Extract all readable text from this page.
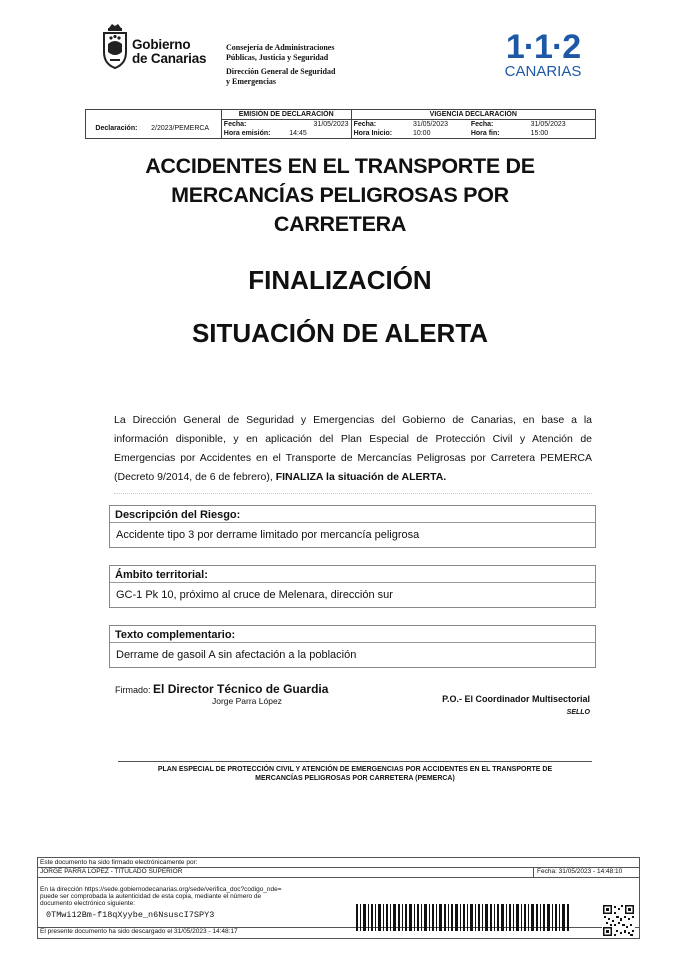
Gobierno
de Canarias
Consejería de Administraciones
Públicas, Justicia y Seguridad
Dirección General de Seguridad
y Emergencias
1·1·2
CANARIAS
		EMISIÓN DE DECLARACIÓN		VIGENCIA DECLARACIÓN			
Declaración:	2/2023/PEMERCA	Fecha:	31/05/2023	Fecha:	31/05/2023	Fecha:	31/05/2023
		Hora emisión:	14:45	Hora Inicio:	10:00	Hora fin:	15:00
ACCIDENTES EN EL TRANSPORTE DE
MERCANCÍAS PELIGROSAS POR
CARRETERA
FINALIZACIÓN
SITUACIÓN DE ALERTA
La Dirección General de Seguridad y Emergencias del Gobierno de Canarias, en base a la información disponible, y en aplicación del Plan Especial de Protección Civil y Atención de Emergencias por Accidentes en el Transporte de Mercancías Peligrosas por Carretera PEMERCA (Decreto 9/2014, de 6 de febrero), FINALIZA la situación de ALERTA.
Descripción del Riesgo:
Accidente tipo 3 por derrame limitado por mercancía peligrosa
Ámbito territorial:
GC-1 Pk 10, próximo al cruce de Melenara, dirección sur
Texto complementario:
Derrame de gasoil A sin afectación a la población
Firmado: El Director Técnico de Guardia
Jorge Parra López	P.O.- El Coordinador Multisectorial
SELLO
PLAN ESPECIAL DE PROTECCIÓN CIVIL Y ATENCIÓN DE EMERGENCIAS POR ACCIDENTES EN EL TRANSPORTE DE
MERCANCÍAS PELIGROSAS POR CARRETERA (PEMERCA)
Este documento ha sido firmado electrónicamente por:
JORGE PARRA LOPEZ - TITULADO SUPERIOR	Fecha: 31/05/2023 - 14:48:10
En la dirección https://sede.gobiernodecanarias.org/sede/verifica_doc?codigo_nde=
puede ser comprobada la autenticidad de esta copia, mediante el número de
documento electrónico siguiente:
0TMwi12Bm-f18qXyybe_n6NsuscI7SPY3
El presente documento ha sido descargado el 31/05/2023 - 14:48:17
